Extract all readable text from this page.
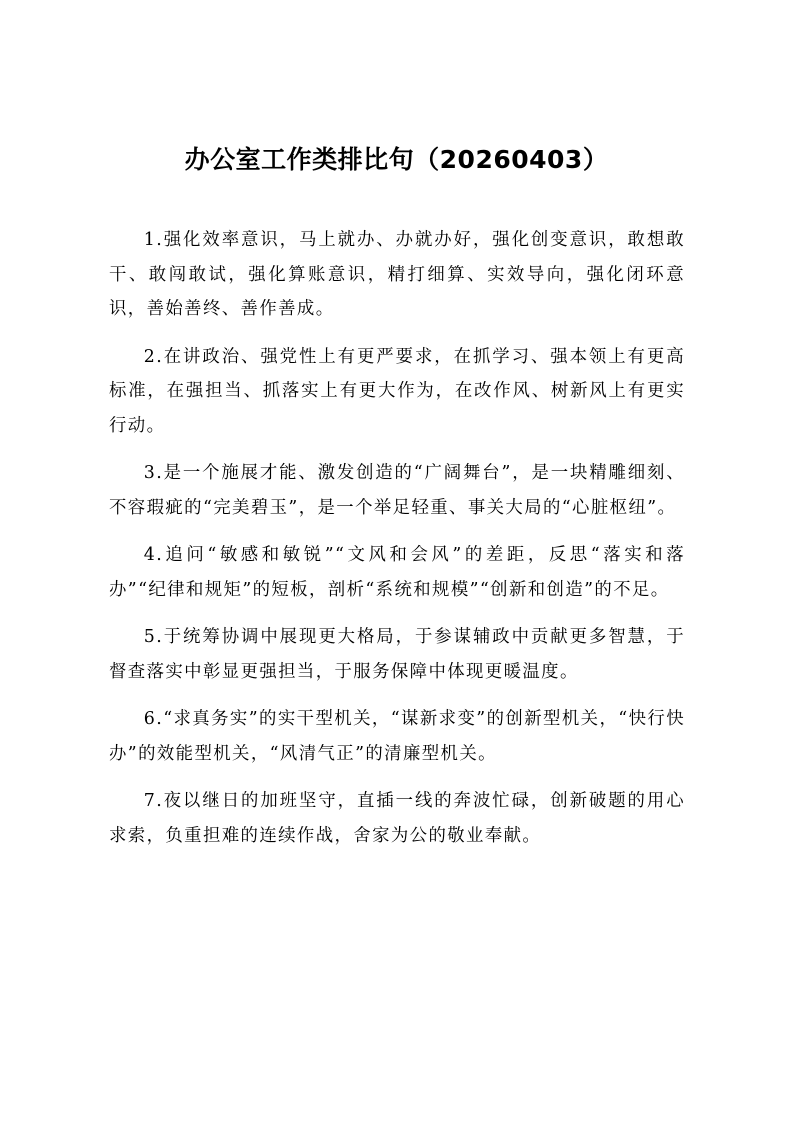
办公室工作类排比句（20260403）

1.强化效率意识，马上就办、办就办好，强化创变意识，敢想敢干、敢闯敢试，强化算账意识，精打细算、实效导向，强化闭环意识，善始善终、善作善成。

2.在讲政治、强党性上有更严要求，在抓学习、强本领上有更高标准，在强担当、抓落实上有更大作为，在改作风、树新风上有更实行动。

3.是一个施展才能、激发创造的“广阔舞台”，是一块精雕细刻、不容瑕疵的“完美碧玉”，是一个举足轻重、事关大局的“心脏枢纽”。

4.追问“敏感和敏锐”“文风和会风”的差距，反思“落实和落办”“纪律和规矩”的短板，剖析“系统和规模”“创新和创造”的不足。

5.于统筹协调中展现更大格局，于参谋辅政中贡献更多智慧，于督查落实中彰显更强担当，于服务保障中体现更暖温度。

6.“求真务实”的实干型机关，“谋新求变”的创新型机关，“快行快办”的效能型机关，“风清气正”的清廉型机关。

7.夜以继日的加班坚守，直插一线的奔波忙碌，创新破题的用心求索，负重担难的连续作战，舍家为公的敬业奉献。
